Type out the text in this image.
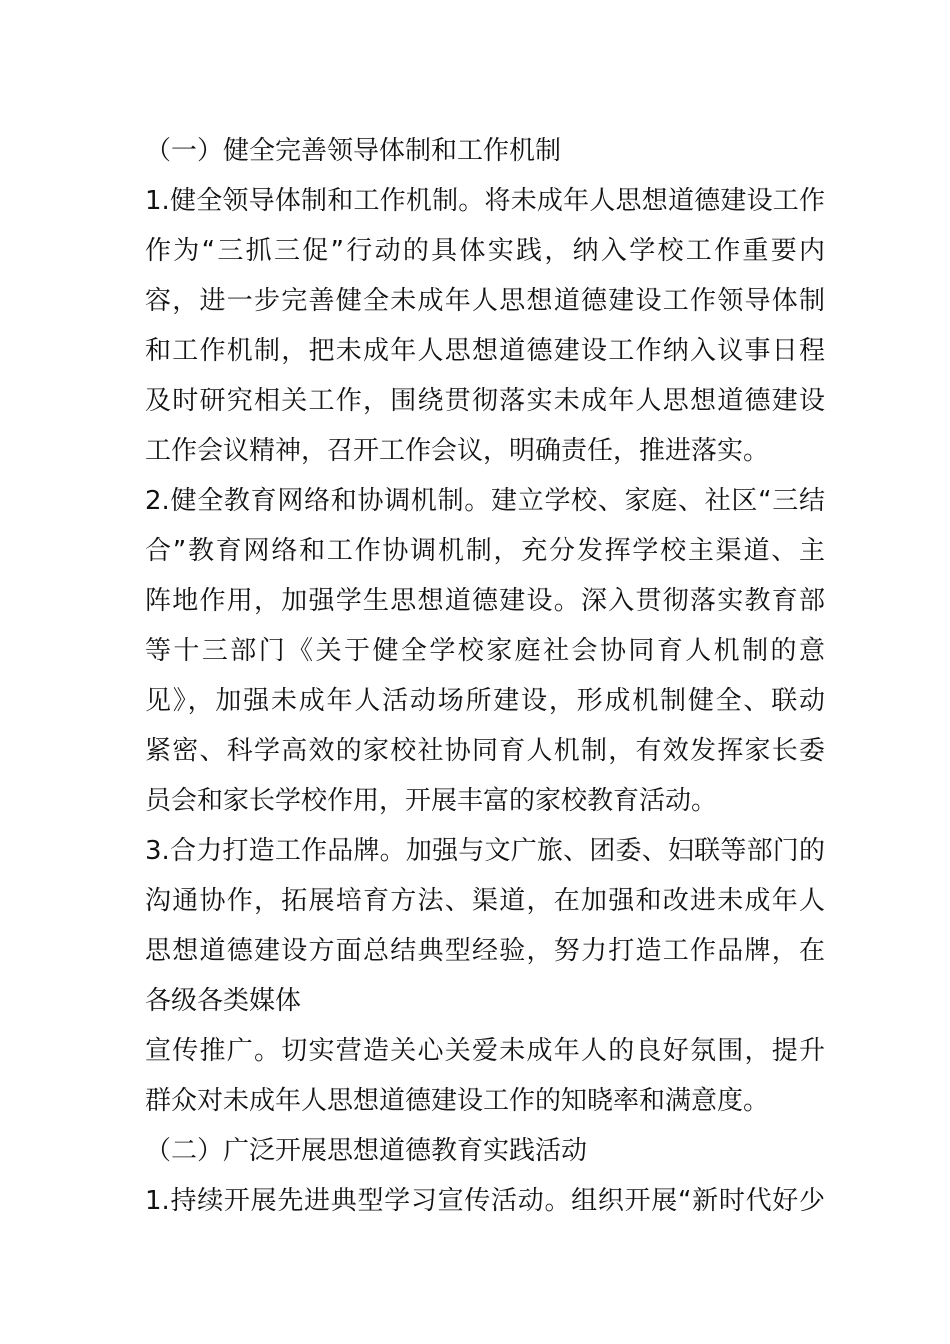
（一）健全完善领导体制和工作机制
1.健全领导体制和工作机制。将未成年人思想道德建设工作
作为“三抓三促”行动的具体实践，纳入学校工作重要内
容，进一步完善健全未成年人思想道德建设工作领导体制
和工作机制，把未成年人思想道德建设工作纳入议事日程
及时研究相关工作，围绕贯彻落实未成年人思想道德建设
工作会议精神，召开工作会议，明确责任，推进落实。
2.健全教育网络和协调机制。建立学校、家庭、社区“三结
合”教育网络和工作协调机制，充分发挥学校主渠道、主
阵地作用，加强学生思想道德建设。深入贯彻落实教育部
等十三部门《关于健全学校家庭社会协同育人机制的意
见》，加强未成年人活动场所建设，形成机制健全、联动
紧密、科学高效的家校社协同育人机制，有效发挥家长委
员会和家长学校作用，开展丰富的家校教育活动。
3.合力打造工作品牌。加强与文广旅、团委、妇联等部门的
沟通协作，拓展培育方法、渠道，在加强和改进未成年人
思想道德建设方面总结典型经验，努力打造工作品牌，在
各级各类媒体
宣传推广。切实营造关心关爱未成年人的良好氛围，提升
群众对未成年人思想道德建设工作的知晓率和满意度。
（二）广泛开展思想道德教育实践活动
1.持续开展先进典型学习宣传活动。组织开展“新时代好少
